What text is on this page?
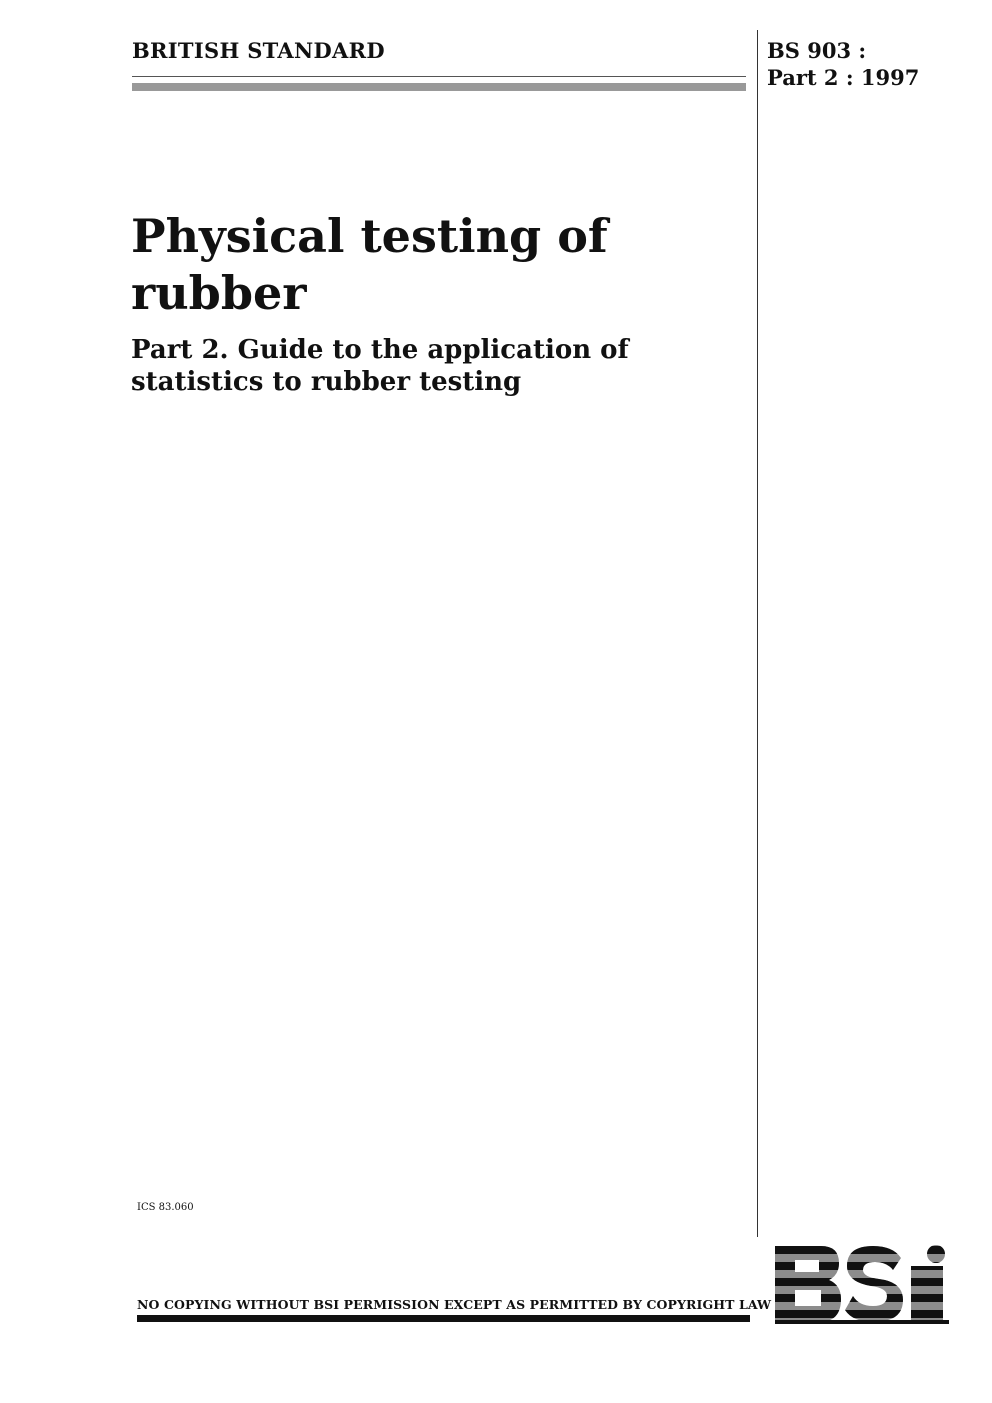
BRITISH STANDARD	BS 903 :
Part 2 : 1997
Physical testing of
rubber
Part 2. Guide to the application of
statistics to rubber testing
ICS 83.060
NO COPYING WITHOUT BSI PERMISSION EXCEPT AS PERMITTED BY COPYRIGHT LAW
